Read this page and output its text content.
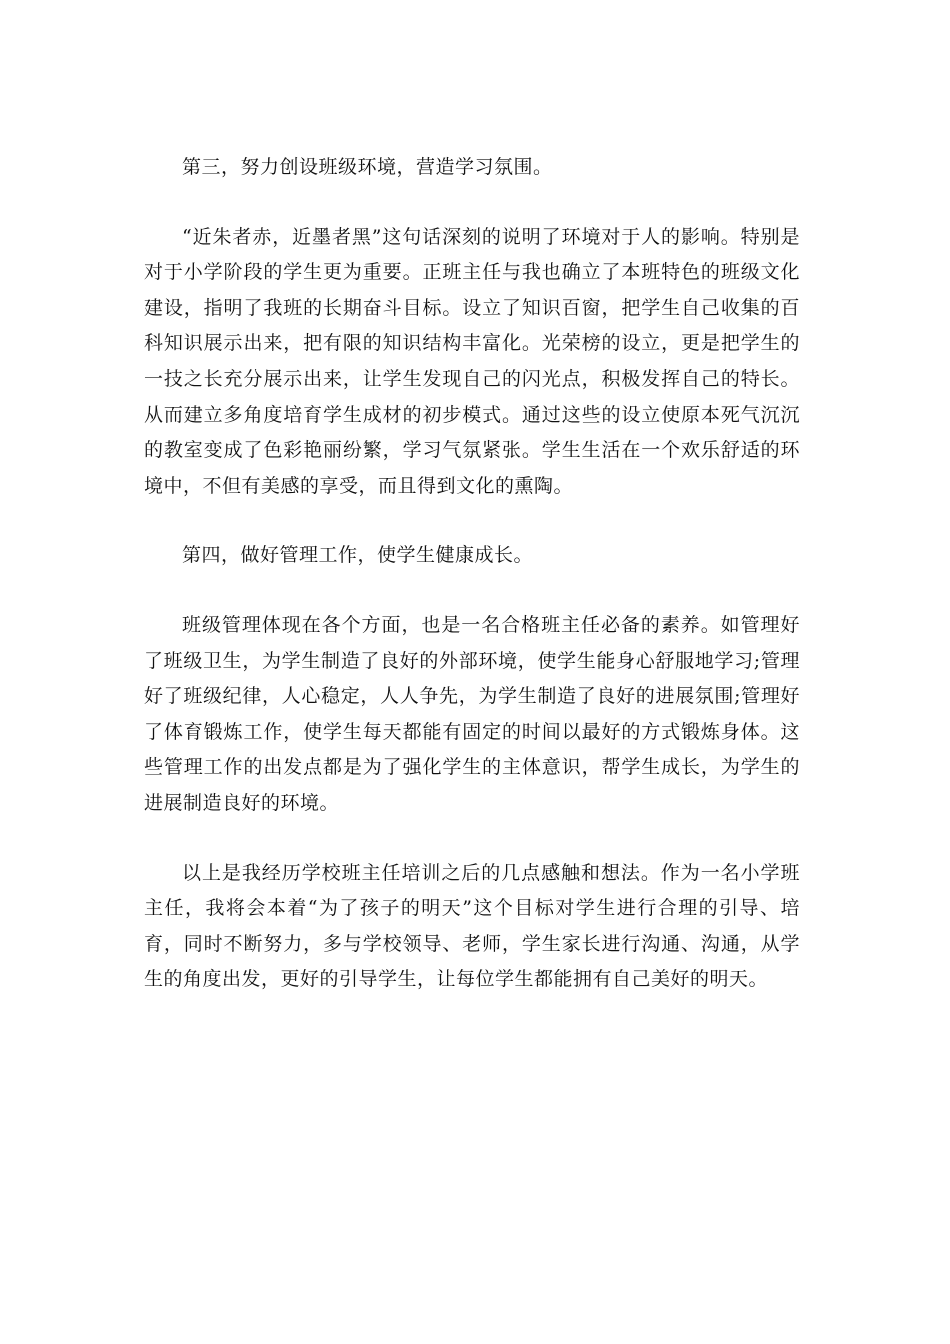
第三，努力创设班级环境，营造学习氛围。

“近朱者赤，近墨者黑”这句话深刻的说明了环境对于人的影响。特别是对于小学阶段的学生更为重要。正班主任与我也确立了本班特色的班级文化建设，指明了我班的长期奋斗目标。设立了知识百窗，把学生自己收集的百科知识展示出来，把有限的知识结构丰富化。光荣榜的设立，更是把学生的一技之长充分展示出来，让学生发现自己的闪光点，积极发挥自己的特长。从而建立多角度培育学生成材的初步模式。通过这些的设立使原本死气沉沉的教室变成了色彩艳丽纷繁，学习气氛紧张。学生生活在一个欢乐舒适的环境中，不但有美感的享受，而且得到文化的熏陶。

第四，做好管理工作，使学生健康成长。

班级管理体现在各个方面，也是一名合格班主任必备的素养。如管理好了班级卫生，为学生制造了良好的外部环境，使学生能身心舒服地学习;管理好了班级纪律，人心稳定，人人争先，为学生制造了良好的进展氛围;管理好了体育锻炼工作，使学生每天都能有固定的时间以最好的方式锻炼身体。这些管理工作的出发点都是为了强化学生的主体意识，帮学生成长，为学生的进展制造良好的环境。

以上是我经历学校班主任培训之后的几点感触和想法。作为一名小学班主任，我将会本着“为了孩子的明天”这个目标对学生进行合理的引导、培育，同时不断努力，多与学校领导、老师，学生家长进行沟通、沟通，从学生的角度出发，更好的引导学生，让每位学生都能拥有自己美好的明天。
